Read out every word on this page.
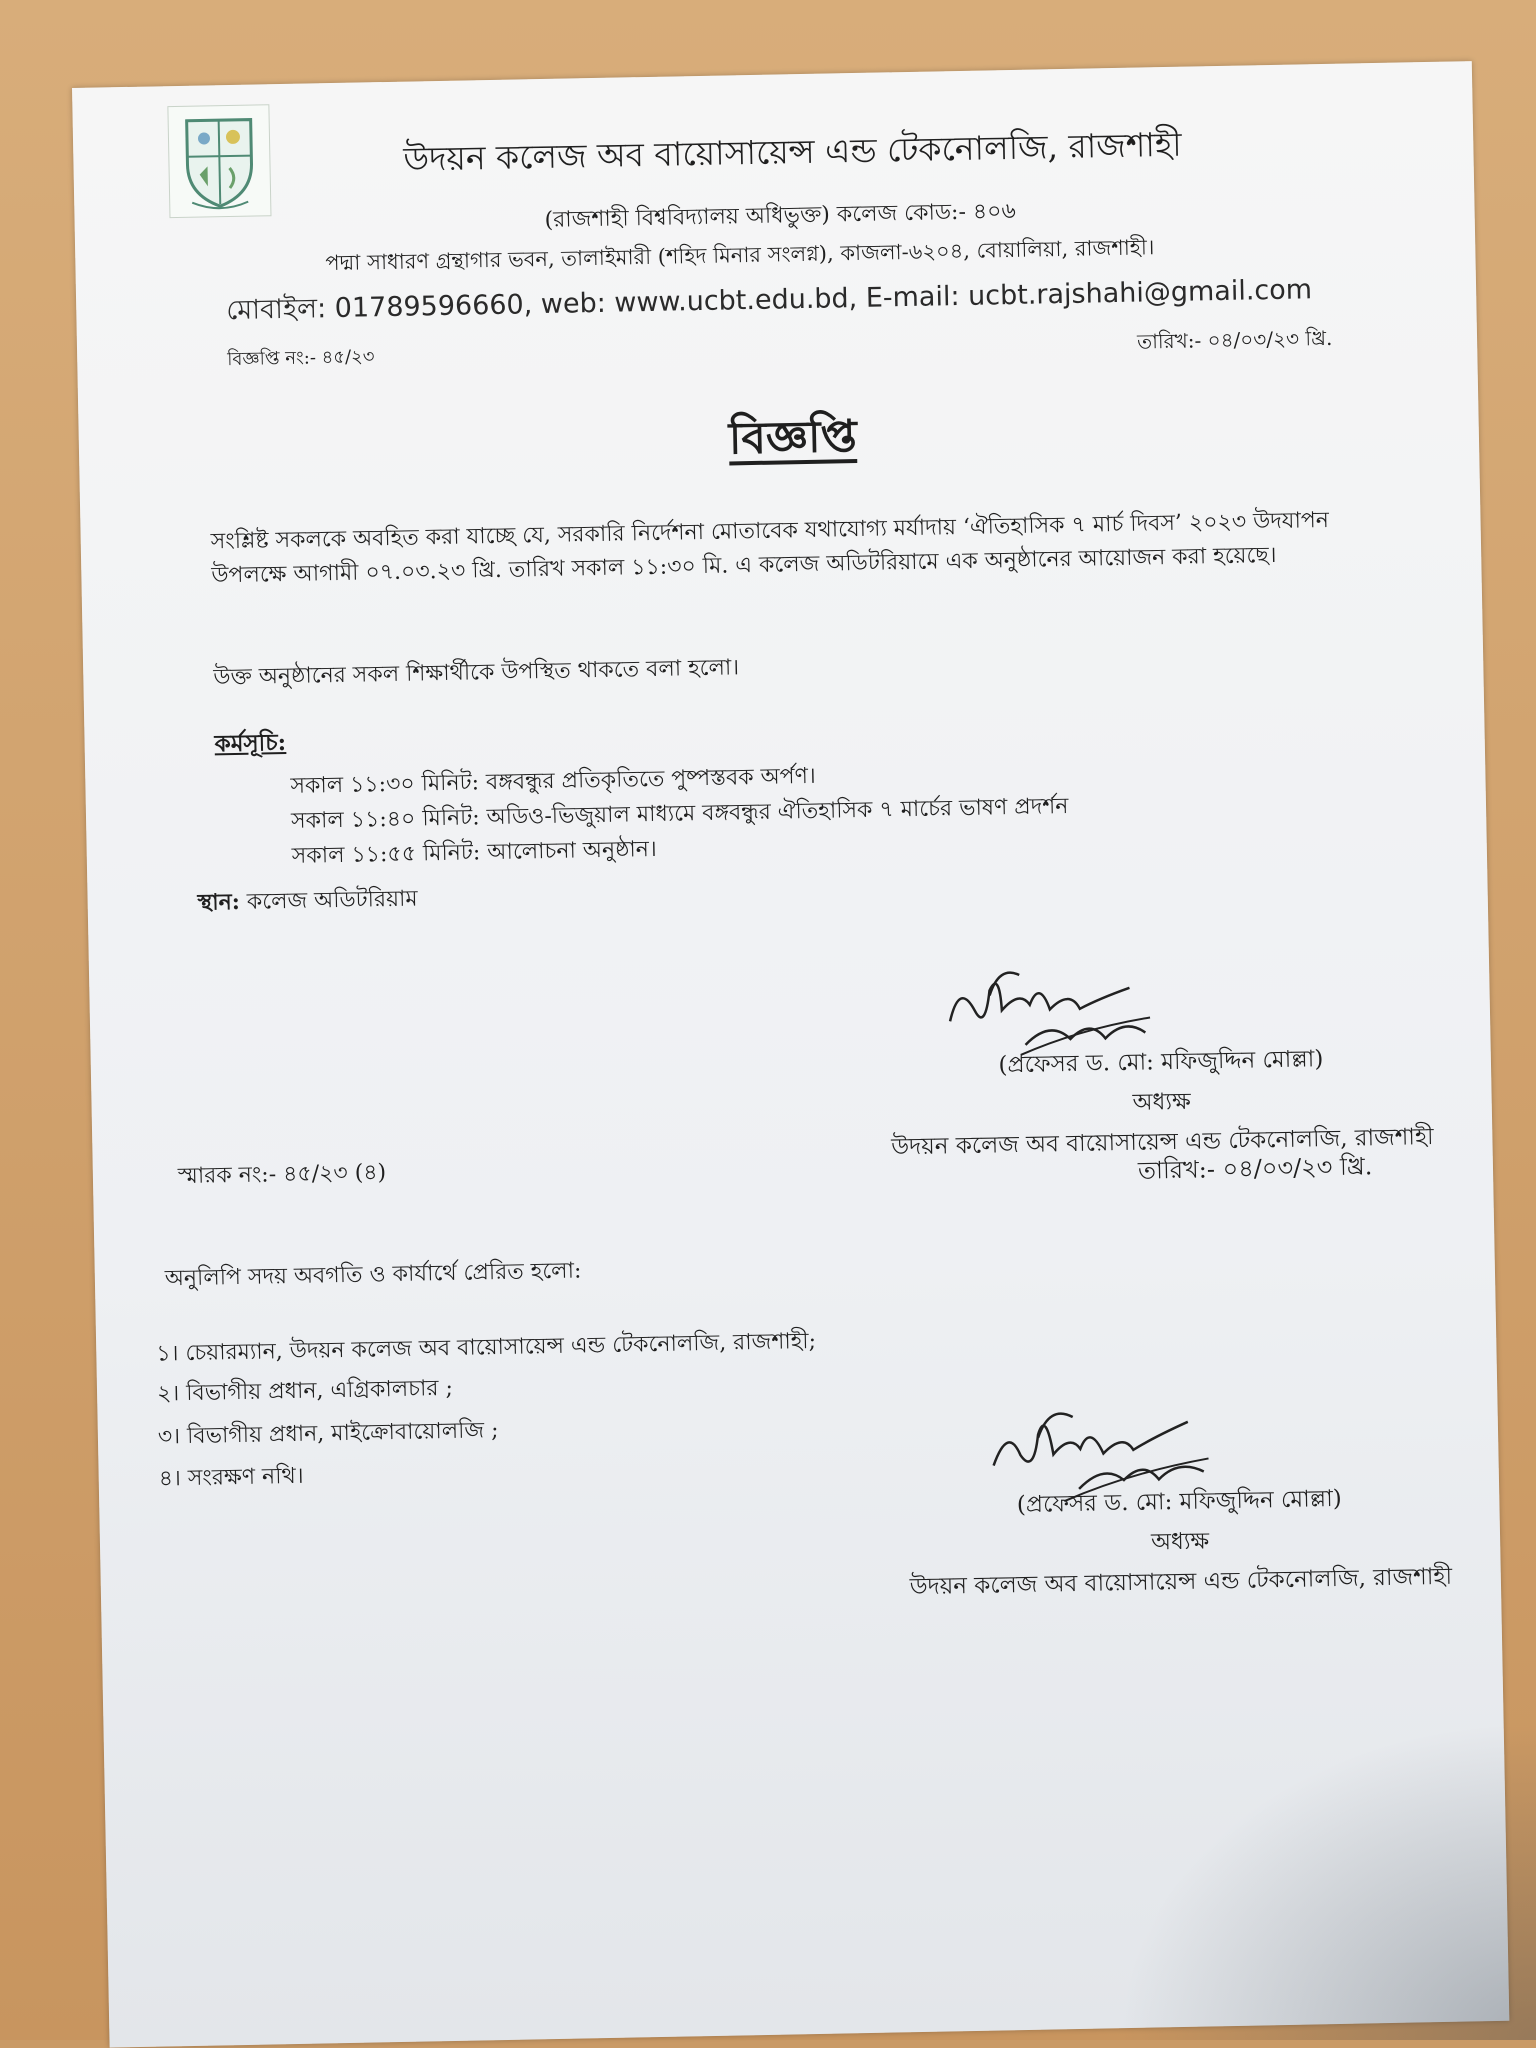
উদয়ন কলেজ অব বায়োসায়েন্স এন্ড টেকনোলজি, রাজশাহী
(রাজশাহী বিশ্ববিদ্যালয় অধিভুক্ত) কলেজ কোড:- ৪০৬
পদ্মা সাধারণ গ্রন্থাগার ভবন, তালাইমারী (শহিদ মিনার সংলগ্ন), কাজলা-৬২০৪, বোয়ালিয়া, রাজশাহী।
মোবাইল: 01789596660, web: www.ucbt.edu.bd, E-mail: ucbt.rajshahi@gmail.com
বিজ্ঞপ্তি নং:- ৪৫/২৩
তারিখ:- ০৪/০৩/২৩ খ্রি.
বিজ্ঞপ্তি
সংশ্লিষ্ট সকলকে অবহিত করা যাচ্ছে যে, সরকারি নির্দেশনা মোতাবেক যথাযোগ্য মর্যাদায় ‘ঐতিহাসিক ৭ মার্চ দিবস’ ২০২৩ উদযাপন উপলক্ষে আগামী ০৭.০৩.২৩ খ্রি. তারিখ সকাল ১১:৩০ মি. এ কলেজ অডিটরিয়ামে এক অনুষ্ঠানের আয়োজন করা হয়েছে।
উক্ত অনুষ্ঠানের সকল শিক্ষার্থীকে উপস্থিত থাকতে বলা হলো।
কর্মসূচি:
সকাল ১১:৩০ মিনিট: বঙ্গবন্ধুর প্রতিকৃতিতে পুষ্পস্তবক অর্পণ।
সকাল ১১:৪০ মিনিট: অডিও-ভিজুয়াল মাধ্যমে বঙ্গবন্ধুর ঐতিহাসিক ৭ মার্চের ভাষণ প্রদর্শন
সকাল ১১:৫৫ মিনিট: আলোচনা অনুষ্ঠান।
স্থান: কলেজ অডিটরিয়াম
(প্রফেসর ড. মো: মফিজুদ্দিন মোল্লা)
অধ্যক্ষ
উদয়ন কলেজ অব বায়োসায়েন্স এন্ড টেকনোলজি, রাজশাহী
স্মারক নং:- ৪৫/২৩ (৪)	তারিখ:- ০৪/০৩/২৩ খ্রি.
অনুলিপি সদয় অবগতি ও কার্যার্থে প্রেরিত হলো:
১। চেয়ারম্যান, উদয়ন কলেজ অব বায়োসায়েন্স এন্ড টেকনোলজি, রাজশাহী;
২। বিভাগীয় প্রধান, এগ্রিকালচার ;
৩। বিভাগীয় প্রধান, মাইক্রোবায়োলজি ;
৪। সংরক্ষণ নথি।
(প্রফেসর ড. মো: মফিজুদ্দিন মোল্লা)
অধ্যক্ষ
উদয়ন কলেজ অব বায়োসায়েন্স এন্ড টেকনোলজি, রাজশাহী
